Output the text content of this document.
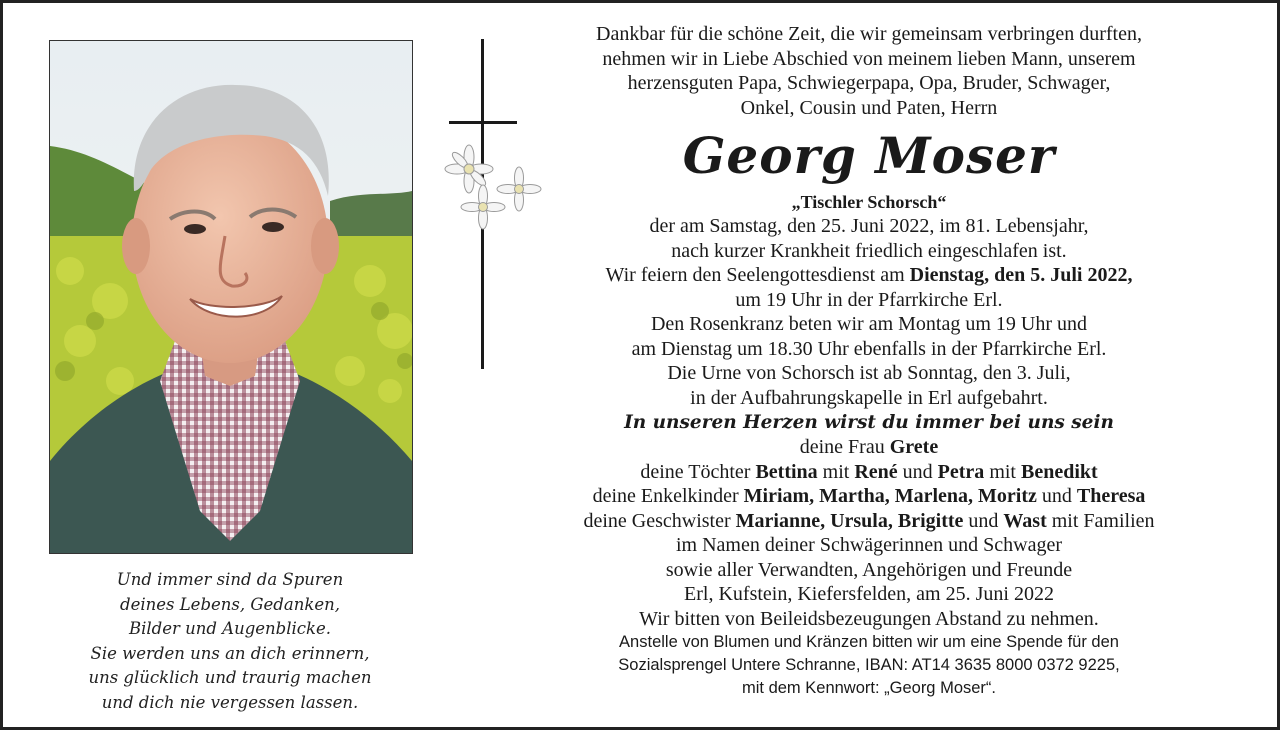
Und immer sind da Spuren
deines Lebens, Gedanken,
Bilder und Augenblicke.
Sie werden uns an dich erinnern,
uns glücklich und traurig machen
und dich nie vergessen lassen.
Dankbar für die schöne Zeit, die wir gemeinsam verbringen durften,
nehmen wir in Liebe Abschied von meinem lieben Mann, unserem
herzensguten Papa, Schwiegerpapa, Opa, Bruder, Schwager,
Onkel, Cousin und Paten, Herrn
Georg Moser
„Tischler Schorsch“
der am Samstag, den 25. Juni 2022, im 81. Lebensjahr,
nach kurzer Krankheit friedlich eingeschlafen ist.
Wir feiern den Seelengottesdienst am Dienstag, den 5. Juli 2022,
um 19 Uhr in der Pfarrkirche Erl.
Den Rosenkranz beten wir am Montag um 19 Uhr und
am Dienstag um 18.30 Uhr ebenfalls in der Pfarrkirche Erl.
Die Urne von Schorsch ist ab Sonntag, den 3. Juli,
in der Aufbahrungskapelle in Erl aufgebahrt.
In unseren Herzen wirst du immer bei uns sein
deine Frau Grete
deine Töchter Bettina mit René und Petra mit Benedikt
deine Enkelkinder Miriam, Martha, Marlena, Moritz und Theresa
deine Geschwister Marianne, Ursula, Brigitte und Wast mit Familien
im Namen deiner Schwägerinnen und Schwager
sowie aller Verwandten, Angehörigen und Freunde
Erl, Kufstein, Kiefersfelden, am 25. Juni 2022
Wir bitten von Beileidsbezeugungen Abstand zu nehmen.
Anstelle von Blumen und Kränzen bitten wir um eine Spende für den
Sozialsprengel Untere Schranne, IBAN: AT14 3635 8000 0372 9225,
mit dem Kennwort: „Georg Moser“.
